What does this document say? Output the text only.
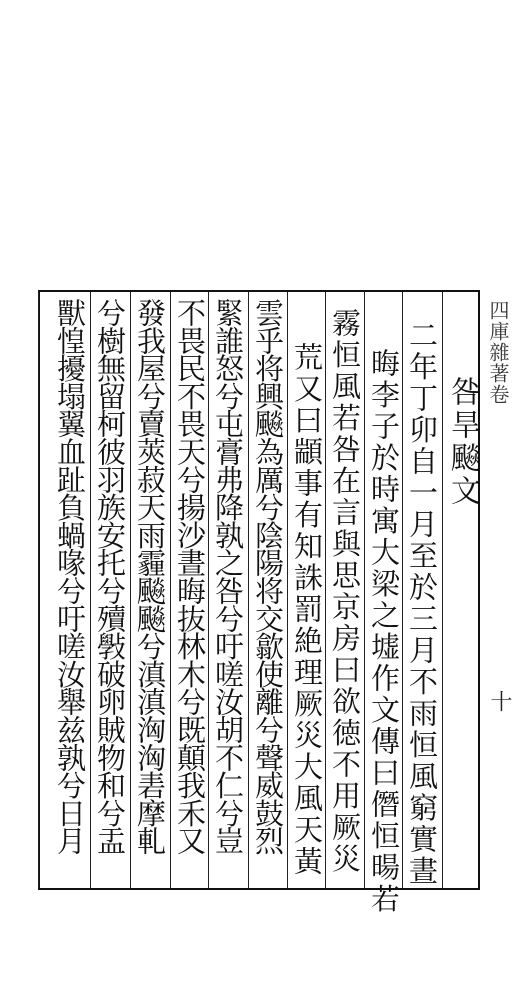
四庫雜著卷
十
咎旱飈文
二年丁卯自一月至於三月不雨恒風窮實晝
晦李子於時寓大梁之墟作文傳曰僭恒暘若
霧恒風若咎在言與思京房曰欲徳不用厥災
荒又曰顓事有知誅罰絶理厥災大風天黃
雲乎将興飈為厲兮陰陽将交歙使離兮聲威鼓烈
緊誰怒兮屯膏弗降孰之咎兮吁嗟汝胡不仁兮豈
不畏民不畏天兮揚沙晝晦抜林木兮既顛我禾又
發我屋兮賣莢菽天雨霾飈飈兮滇滇洶洶砉摩軋
兮樹無留柯彼羽族安托兮殰斅破卵賊物和兮盂
獸惶擾塌翼血趾負蝸喙兮吁嗟汝舉兹孰兮日月
